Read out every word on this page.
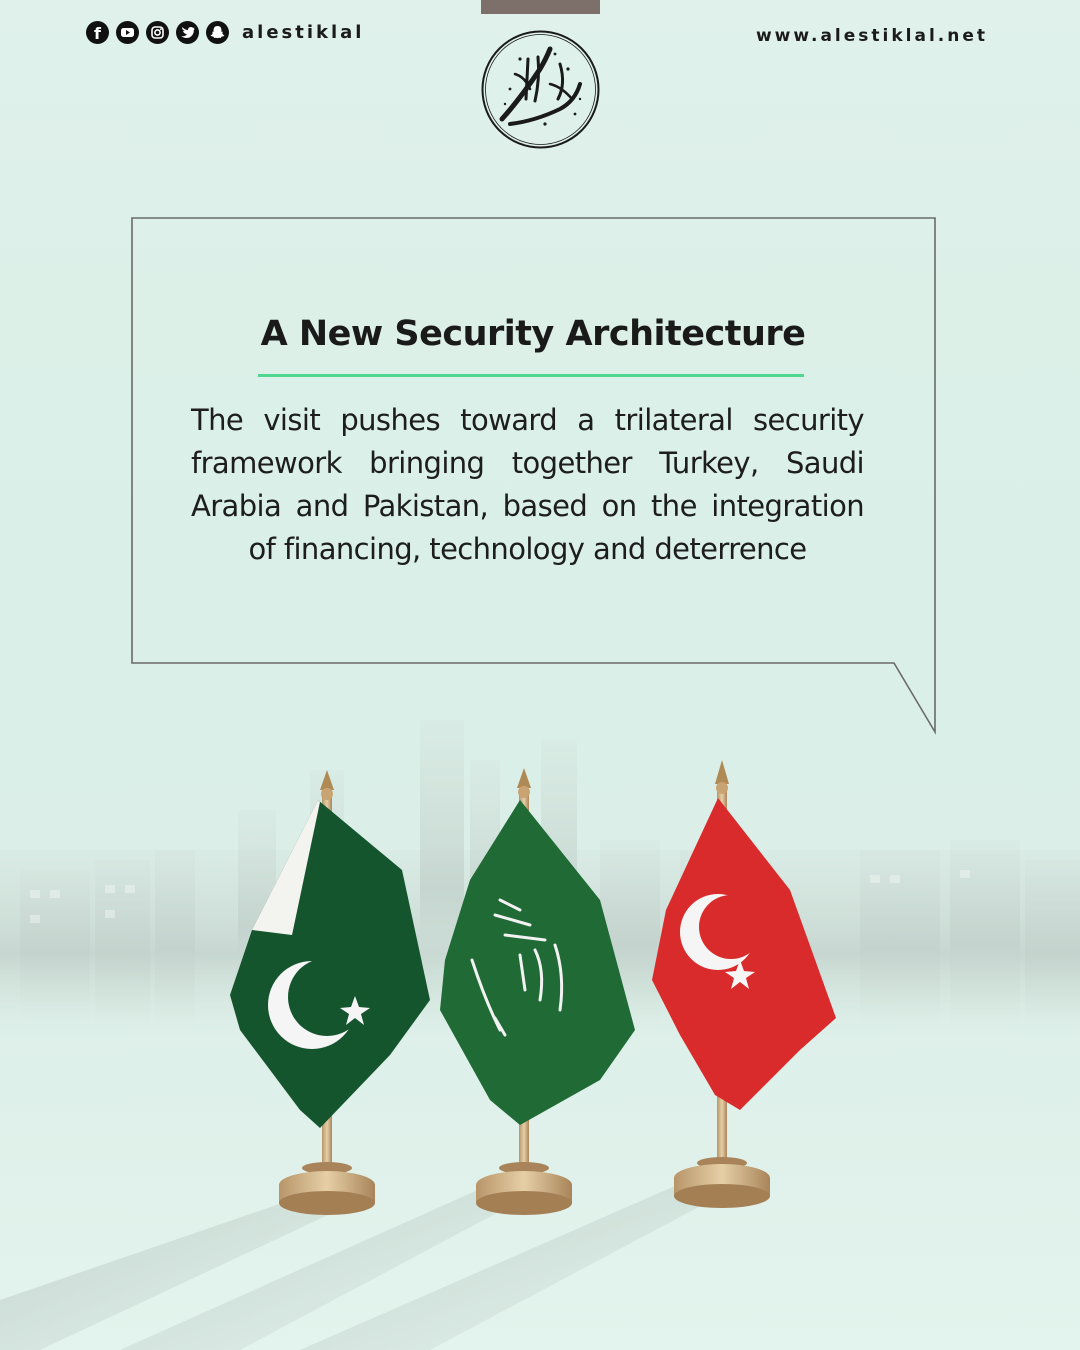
f	alestiklal	www.alestiklal.net
A New Security Architecture
The visit pushes toward a trilateral security framework bringing together Turkey, Saudi Arabia and Pakistan, based on the integration of financing, technology and deterrence
